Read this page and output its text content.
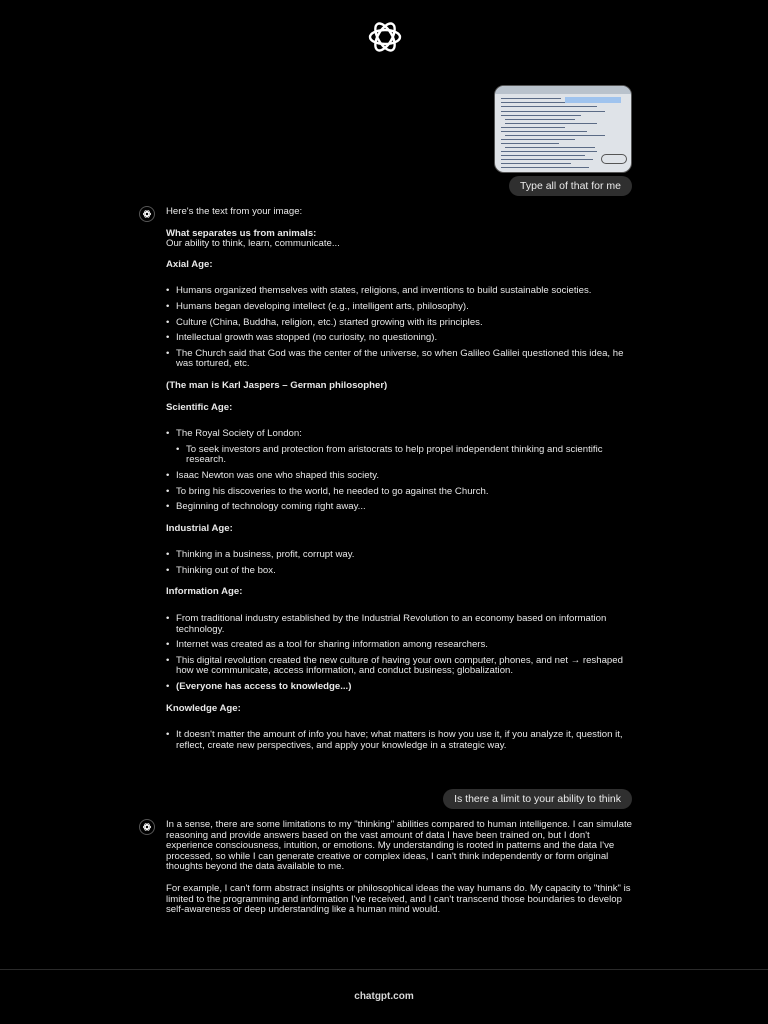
Type all of that for me

Here's the text from your image:

What separates us from animals:
Our ability to think, learn, communicate...
Axial Age:
• Humans organized themselves with states, religions, and inventions to build sustainable societies.
• Humans began developing intellect (e.g., intelligent arts, philosophy).
• Culture (China, Buddha, religion, etc.) started growing with its principles.
• Intellectual growth was stopped (no curiosity, no questioning).
• The Church said that God was the center of the universe, so when Galileo Galilei questioned this idea, he was tortured, etc.

(The man is Karl Jaspers – German philosopher)

Scientific Age:
• The Royal Society of London:
• To seek investors and protection from aristocrats to help propel independent thinking and scientific research.
• Isaac Newton was one who shaped this society.
• To bring his discoveries to the world, he needed to go against the Church.
• Beginning of technology coming right away...
Industrial Age:
• Thinking in a business, profit, corrupt way.
• Thinking out of the box.
Information Age:
• From traditional industry established by the Industrial Revolution to an economy based on information technology.
• Internet was created as a tool for sharing information among researchers.
• This digital revolution created the new culture of having your own computer, phones, and net → reshaped how we communicate, access information, and conduct business; globalization.
• (Everyone has access to knowledge...)
Knowledge Age:
• It doesn't matter the amount of info you have; what matters is how you use it, if you analyze it, question it, reflect, create new perspectives, and apply your knowledge in a strategic way.
Is there a limit to your ability to think

In a sense, there are some limitations to my "thinking" abilities compared to human intelligence. I can simulate reasoning and provide answers based on the vast amount of data I have been trained on, but I don't experience consciousness, intuition, or emotions. My understanding is rooted in patterns and the data I've processed, so while I can generate creative or complex ideas, I can't think independently or form original thoughts beyond the data available to me.

For example, I can't form abstract insights or philosophical ideas the way humans do. My capacity to "think" is limited to the programming and information I've received, and I can't transcend those boundaries to develop self-awareness or deep understanding like a human mind would.

chatgpt.com
